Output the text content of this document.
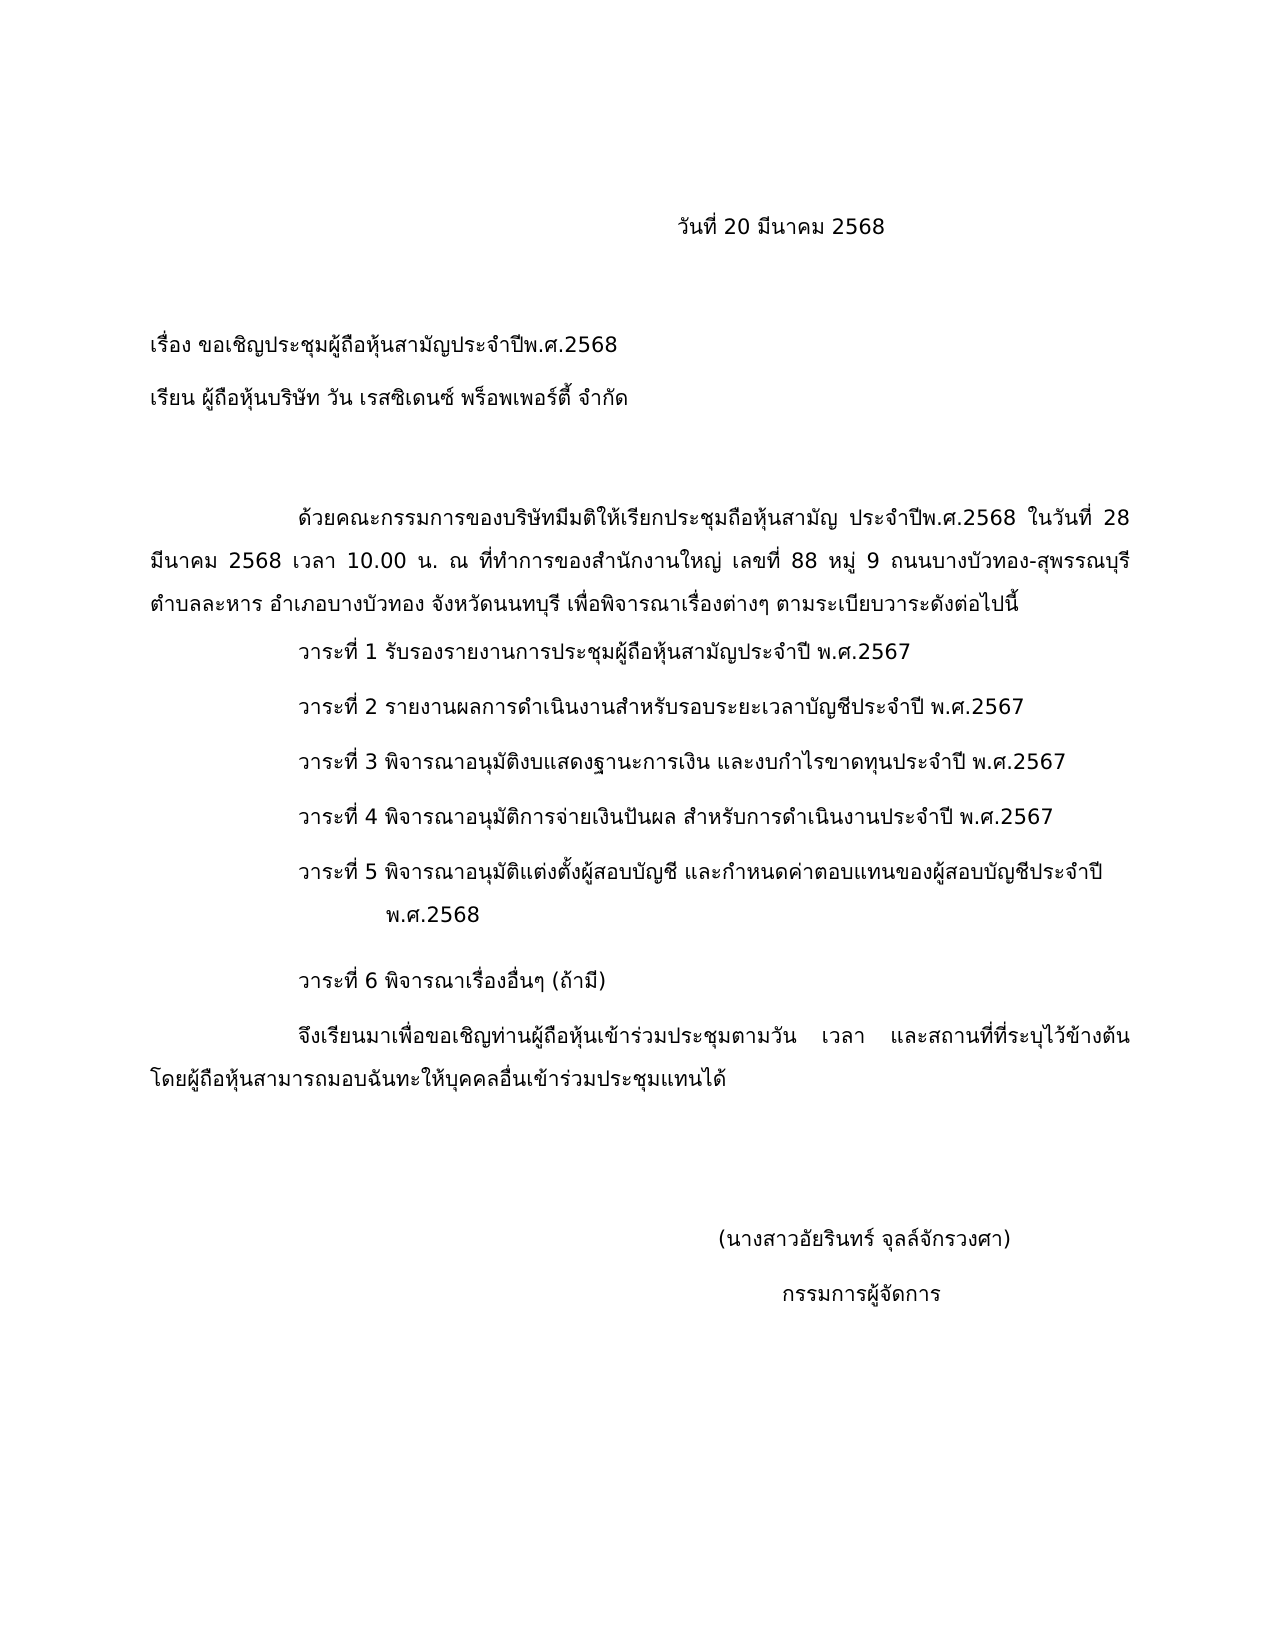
วันที่ 20 มีนาคม 2568
เรื่อง ขอเชิญประชุมผู้ถือหุ้นสามัญประจำปีพ.ศ.2568
เรียน ผู้ถือหุ้นบริษัท วัน เรสซิเดนซ์ พร็อพเพอร์ตี้ จำกัด
ด้วยคณะกรรมการของบริษัทมีมติให้เรียกประชุมถือหุ้นสามัญ ประจำปีพ.ศ.2568 ในวันที่ 28 มีนาคม 2568 เวลา 10.00 น. ณ ที่ทำการของสำนักงานใหญ่ เลขที่ 88 หมู่ 9 ถนนบางบัวทอง-สุพรรณบุรี ตำบลละหาร อำเภอบางบัวทอง จังหวัดนนทบุรี เพื่อพิจารณาเรื่องต่างๆ ตามระเบียบวาระดังต่อไปนี้
วาระที่ 1 รับรองรายงานการประชุมผู้ถือหุ้นสามัญประจำปี พ.ศ.2567
วาระที่ 2 รายงานผลการดำเนินงานสำหรับรอบระยะเวลาบัญชีประจำปี พ.ศ.2567
วาระที่ 3 พิจารณาอนุมัติงบแสดงฐานะการเงิน และงบกำไรขาดทุนประจำปี พ.ศ.2567
วาระที่ 4 พิจารณาอนุมัติการจ่ายเงินปันผล สำหรับการดำเนินงานประจำปี พ.ศ.2567
วาระที่ 5 พิจารณาอนุมัติแต่งตั้งผู้สอบบัญชี และกำหนดค่าตอบแทนของผู้สอบบัญชีประจำปี พ.ศ.2568
วาระที่ 6 พิจารณาเรื่องอื่นๆ (ถ้ามี)
จึงเรียนมาเพื่อขอเชิญท่านผู้ถือหุ้นเข้าร่วมประชุมตามวัน เวลา และสถานที่ที่ระบุไว้ข้างต้น โดยผู้ถือหุ้นสามารถมอบฉันทะให้บุคคลอื่นเข้าร่วมประชุมแทนได้
(นางสาวอัยรินทร์ จุลล์จักรวงศา)
กรรมการผู้จัดการ
